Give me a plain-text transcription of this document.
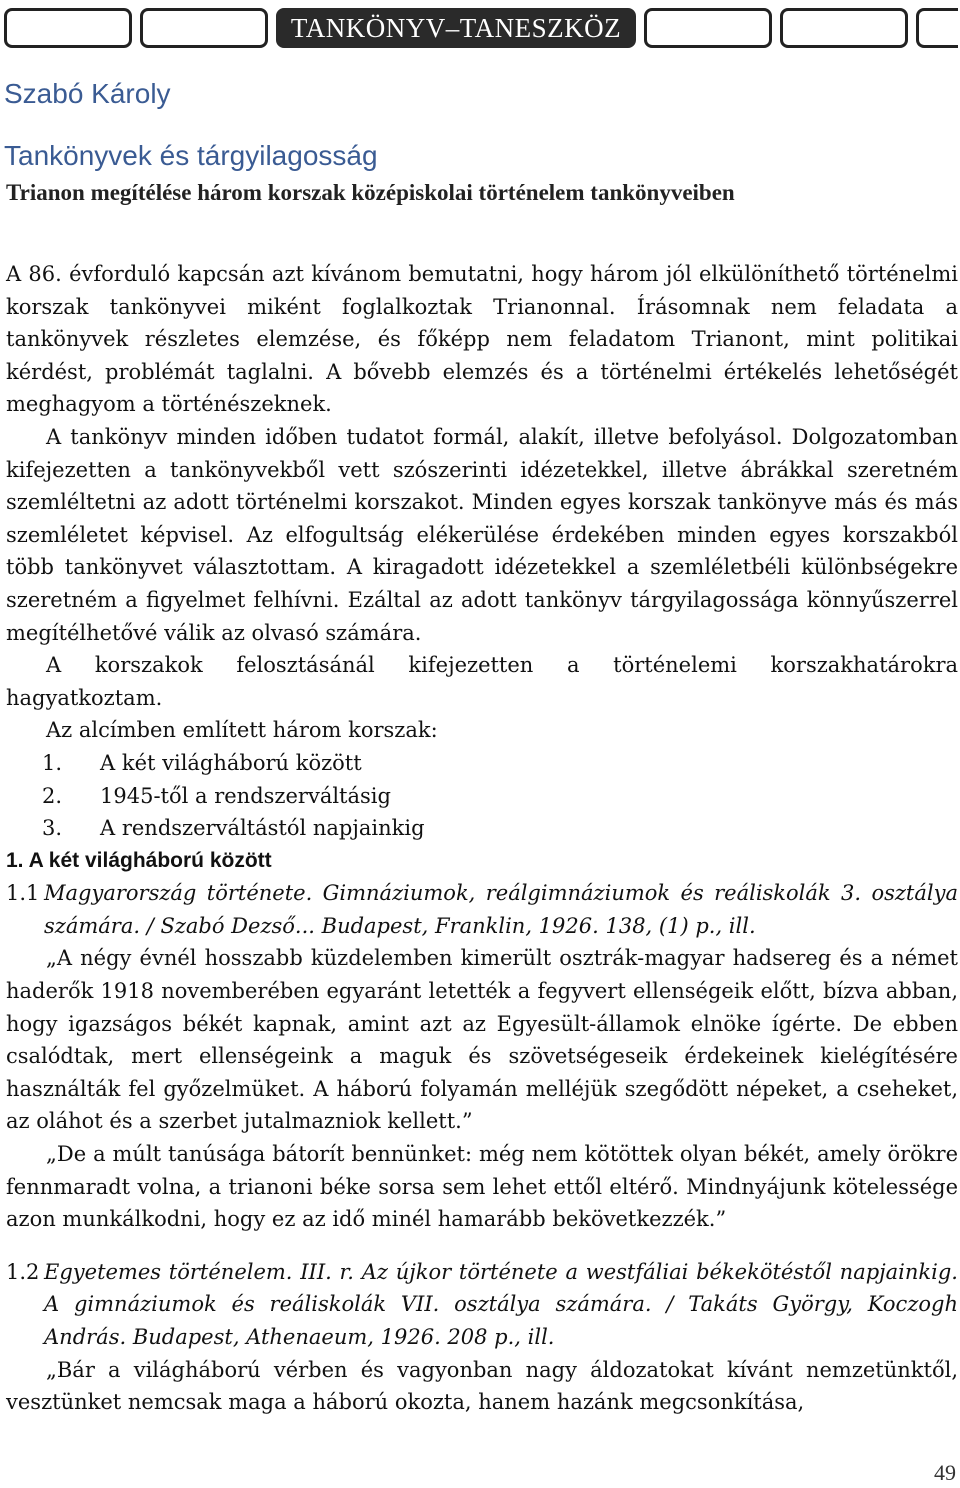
TANKÖNYV–TANESZKÖZ
Szabó Károly
Tankönyvek és tárgyilagosság
Trianon megítélése három korszak középiskolai történelem tankönyveiben

A 86. évforduló kapcsán azt kívánom bemutatni, hogy három jól elkülöníthető történelmi korszak tankönyvei miként foglalkoztak Trianonnal. Írásomnak nem feladata a tankönyvek részletes elemzése, és főképp nem feladatom Trianont, mint politikai kérdést, problémát taglalni. A bővebb elemzés és a történelmi értékelés lehetőségét meghagyom a történészeknek.

A tankönyv minden időben tudatot formál, alakít, illetve befolyásol. Dolgozatomban kifejezetten a tankönyvekből vett szószerinti idézetekkel, illetve ábrákkal szeretném szemléltetni az adott történelmi korszakot. Minden egyes korszak tankönyve más és más szemléletet képvisel. Az elfogultság elékerülése érdekében minden egyes korszakból több tankönyvet választottam. A kiragadott idézetekkel a szemléletbéli különbségekre szeretném a figyelmet felhívni. Ezáltal az adott tankönyv tárgyilagossága könnyűszerrel megítélhetővé válik az olvasó számára.

A korszakok felosztásánál kifejezetten a történelemi korszakhatárokra hagyatkoztam.

Az alcímben említett három korszak:

1.	A két világháború között
2.	1945-től a rendszerváltásig
3.	A rendszerváltástól napjainkig

1. A két világháború között

1.1 Magyarország története. Gimnáziumok, reálgimnáziumok és reáliskolák 3. osztálya számára. / Szabó Dezső... Budapest, Franklin, 1926. 138, (1) p., ill.

„A négy évnél hosszabb küzdelemben kimerült osztrák-magyar hadsereg és a német haderők 1918 novemberében egyaránt letették a fegyvert ellenségeik előtt, bízva abban, hogy igazságos békét kapnak, amint azt az Egyesült-államok elnöke ígérte. De ebben csalódtak, mert ellenségeink a maguk és szövetségeseik érdekeinek kielégítésére használták fel győzelmüket. A háború folyamán melléjük szegődött népeket, a cseheket, az oláhot és a szerbet jutalmazniok kellett.”

„De a múlt tanúsága bátorít bennünket: még nem kötöttek olyan békét, amely örökre fennmaradt volna, a trianoni béke sorsa sem lehet ettől eltérő. Mindnyájunk kötelessége azon munkálkodni, hogy ez az idő minél hamarább bekövetkezzék.”

1.2 Egyetemes történelem. III. r. Az újkor története a westfáliai békekötéstől napjainkig. A gimnáziumok és reáliskolák VII. osztálya számára. / Takáts György, Koczogh András. Budapest, Athenaeum, 1926. 208 p., ill.

„Bár a világháború vérben és vagyonban nagy áldozatokat kívánt nemzetünktől, vesztünket nemcsak maga a háború okozta, hanem hazánk megcsonkítása,

49
